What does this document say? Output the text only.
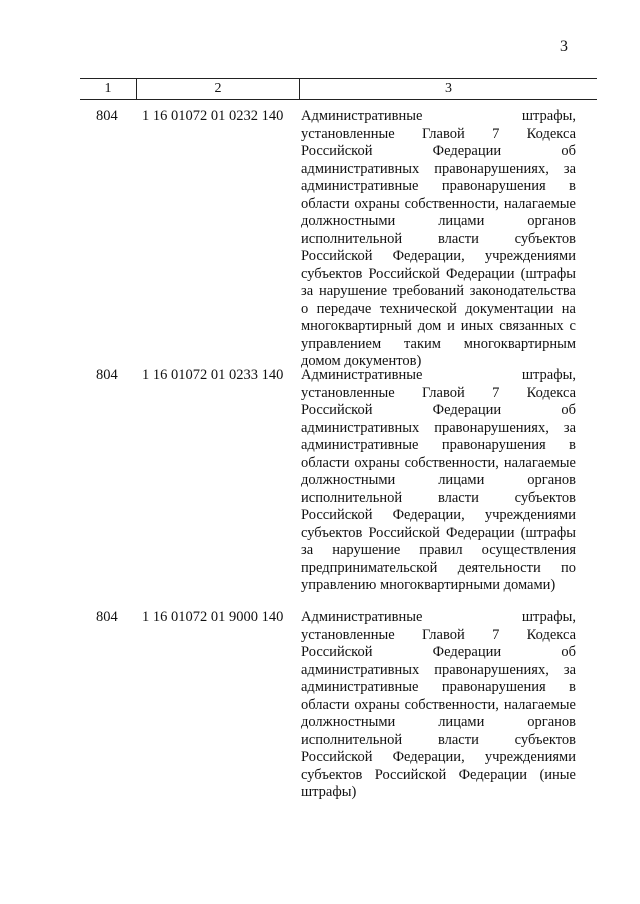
3
1	2	3
804	1 16 01072 01 0232 140	Административные штрафы, установленные Главой 7 Кодекса Российской Федерации об административных правонарушениях, за административные правонарушения в области охраны собственности, налагаемые должностными лицами органов исполнительной власти субъектов Российской Федерации, учреждениями субъектов Российской Федерации (штрафы за нарушение требований законодательства о передаче технической документации на многоквартирный дом и иных связанных с управлением таким многоквартирным домом документов)
804	1 16 01072 01 0233 140	Административные штрафы, установленные Главой 7 Кодекса Российской Федерации об административных правонарушениях, за административные правонарушения в области охраны собственности, налагаемые должностными лицами органов исполнительной власти субъектов Российской Федерации, учреждениями субъектов Российской Федерации (штрафы за нарушение правил осуществления предпринимательской деятельности по управлению многоквартирными домами)
804	1 16 01072 01 9000 140	Административные штрафы, установленные Главой 7 Кодекса Российской Федерации об административных правонарушениях, за административные правонарушения в области охраны собственности, налагаемые должностными лицами органов исполнительной власти субъектов Российской Федерации, учреждениями субъектов Российской Федерации (иные штрафы)
